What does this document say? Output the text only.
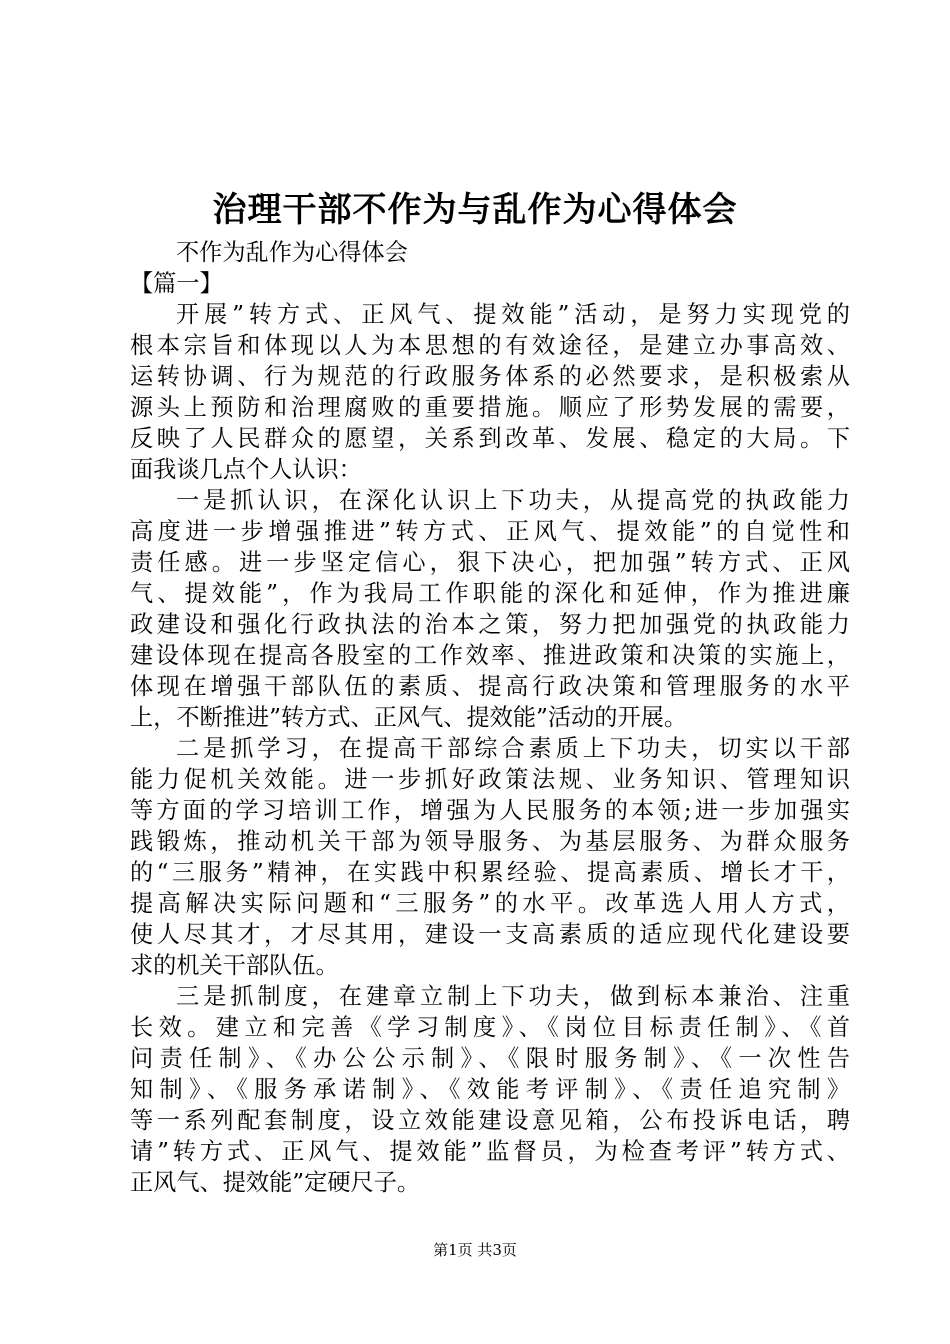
治理干部不作为与乱作为心得体会
不作为乱作为心得体会
【篇一】
开展”转方式、正风气、提效能”活动，是努力实现党的
根本宗旨和体现以人为本思想的有效途径，是建立办事高效、
运转协调、行为规范的行政服务体系的必然要求，是积极索从
源头上预防和治理腐败的重要措施。顺应了形势发展的需要，
反映了人民群众的愿望，关系到改革、发展、稳定的大局。下
面我谈几点个人认识：
一是抓认识，在深化认识上下功夫，从提高党的执政能力
高度进一步增强推进”转方式、正风气、提效能”的自觉性和
责任感。进一步坚定信心，狠下决心，把加强”转方式、正风
气、提效能”，作为我局工作职能的深化和延伸，作为推进廉
政建设和强化行政执法的治本之策，努力把加强党的执政能力
建设体现在提高各股室的工作效率、推进政策和决策的实施上，
体现在增强干部队伍的素质、提高行政决策和管理服务的水平
上，不断推进”转方式、正风气、提效能”活动的开展。
二是抓学习，在提高干部综合素质上下功夫，切实以干部
能力促机关效能。进一步抓好政策法规、业务知识、管理知识
等方面的学习培训工作，增强为人民服务的本领;进一步加强实
践锻炼，推动机关干部为领导服务、为基层服务、为群众服务
的“三服务”精神，在实践中积累经验、提高素质、增长才干，
提高解决实际问题和“三服务”的水平。改革选人用人方式，
使人尽其才，才尽其用，建设一支高素质的适应现代化建设要
求的机关干部队伍。
三是抓制度，在建章立制上下功夫，做到标本兼治、注重
长效。建立和完善《学习制度》、《岗位目标责任制》、《首
问责任制》、《办公公示制》、《限时服务制》、《一次性告
知制》、《服务承诺制》、《效能考评制》、《责任追究制》
等一系列配套制度，设立效能建设意见箱，公布投诉电话，聘
请”转方式、正风气、提效能”监督员，为检查考评”转方式、
正风气、提效能”定硬尺子。
第1页 共3页
